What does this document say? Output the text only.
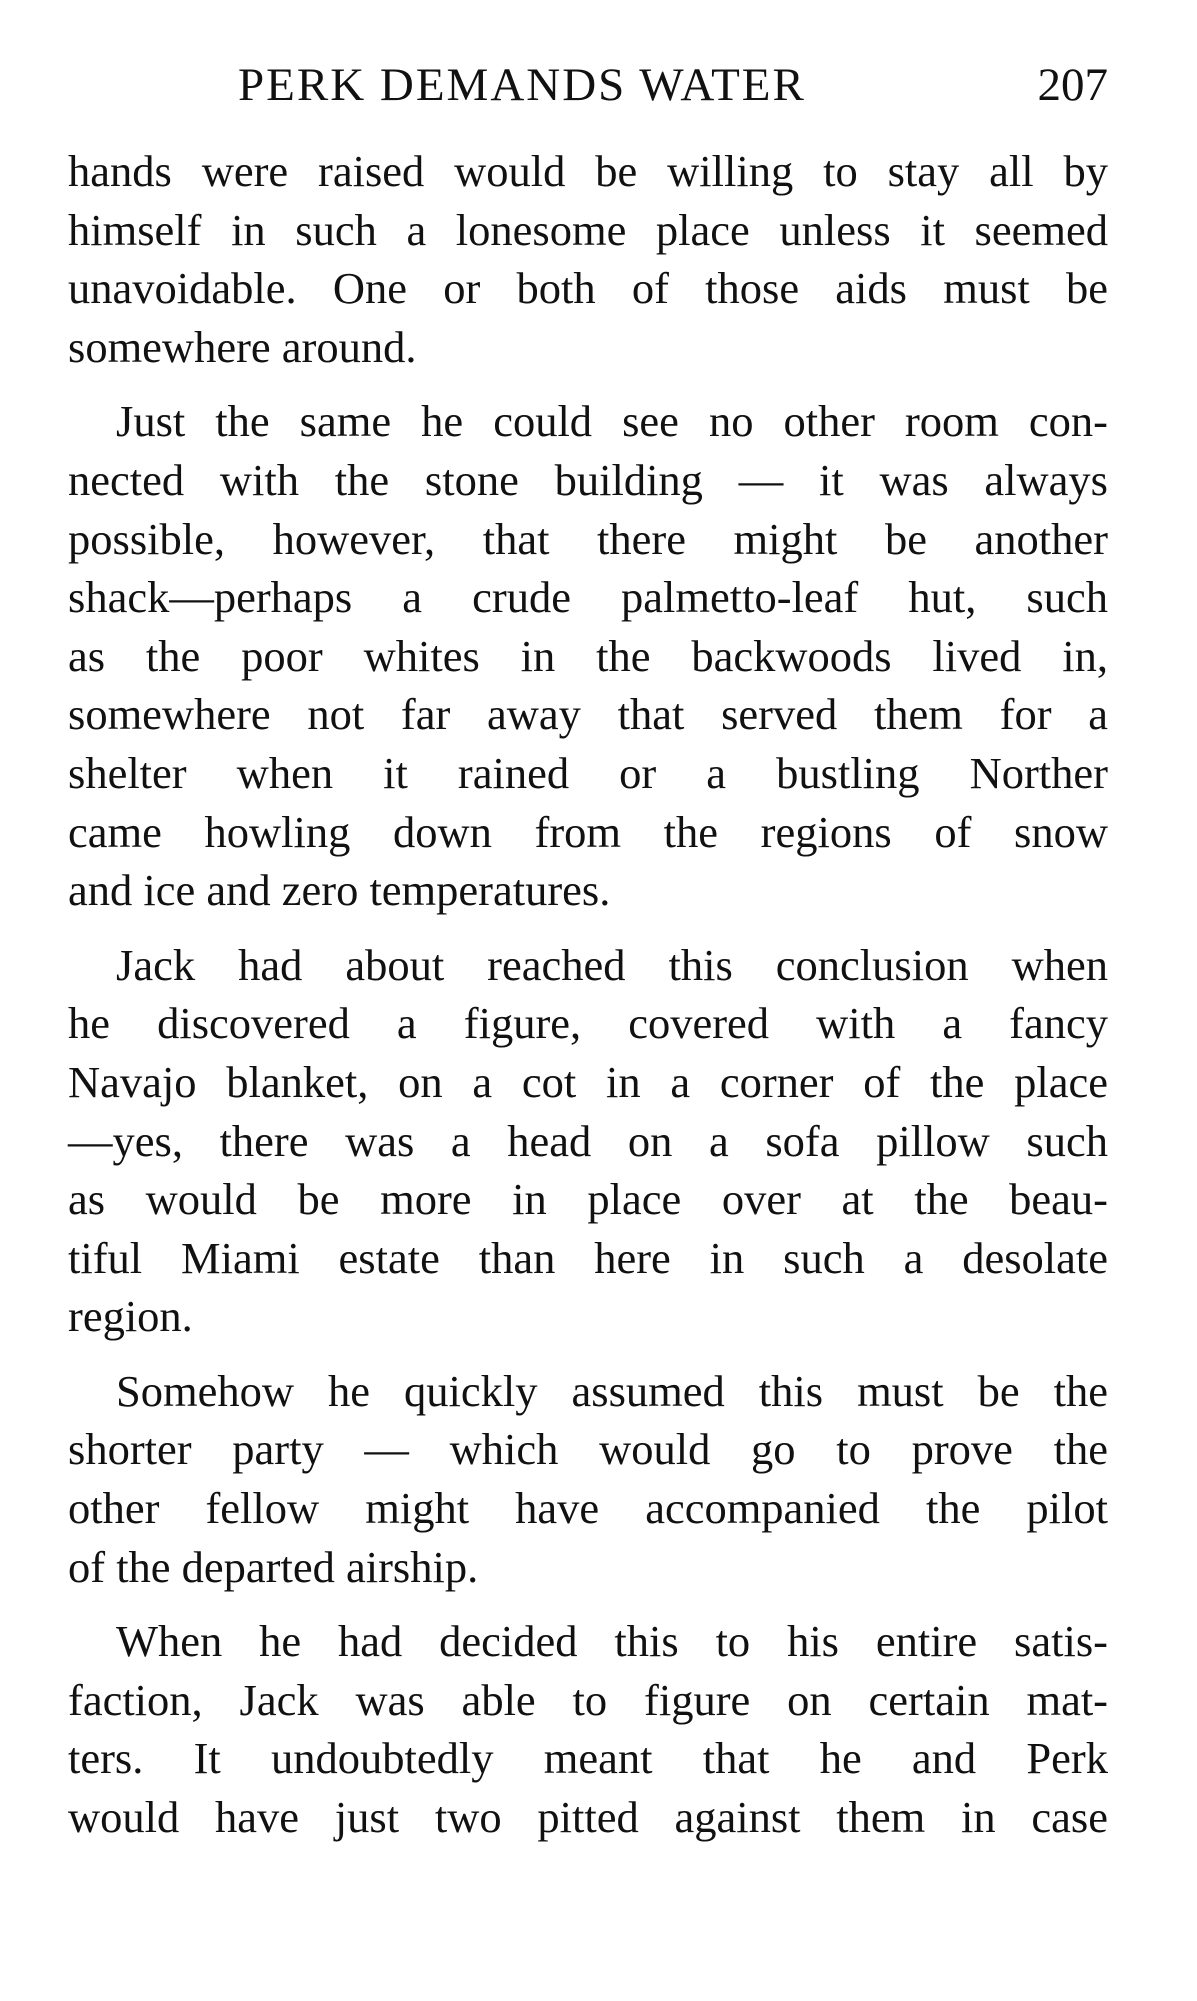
PERK DEMANDS WATER	207
hands were raised would be willing to stay all by
himself in such a lonesome place unless it seemed
unavoidable. One or both of those aids must be
somewhere around.
Just the same he could see no other room con-
nected with the stone building — it was always
possible, however, that there might be another
shack—perhaps a crude palmetto-leaf hut, such
as the poor whites in the backwoods lived in,
somewhere not far away that served them for a
shelter when it rained or a bustling Norther
came howling down from the regions of snow
and ice and zero temperatures.
Jack had about reached this conclusion when
he discovered a figure, covered with a fancy
Navajo blanket, on a cot in a corner of the place
—yes, there was a head on a sofa pillow such
as would be more in place over at the beau-
tiful Miami estate than here in such a desolate
region.
Somehow he quickly assumed this must be the
shorter party — which would go to prove the
other fellow might have accompanied the pilot
of the departed airship.
When he had decided this to his entire satis-
faction, Jack was able to figure on certain mat-
ters. It undoubtedly meant that he and Perk
would have just two pitted against them in case
